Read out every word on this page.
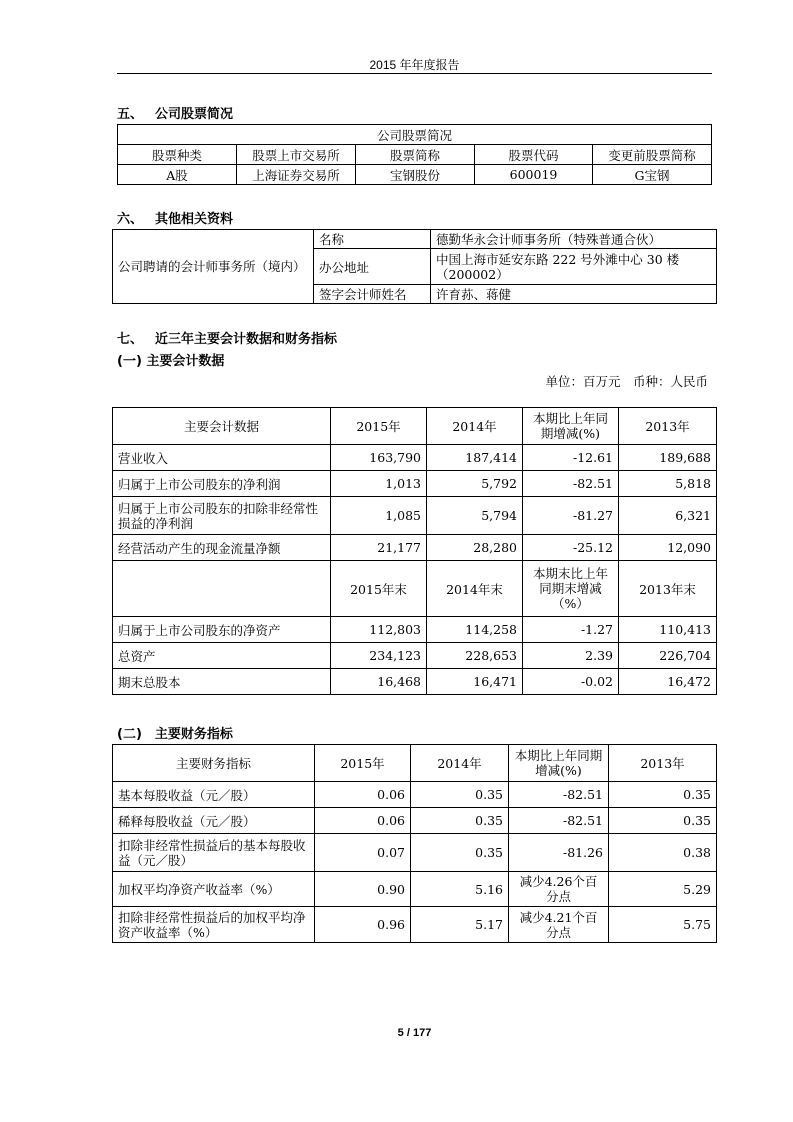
2015 年年度报告
五、 公司股票简况
公司股票简况				
股票种类	股票上市交易所	股票简称	股票代码	变更前股票简称
A股	上海证券交易所	宝钢股份	600019	G宝钢
六、 其他相关资料
公司聘请的会计师事务所（境内）	名称	德勤华永会计师事务所（特殊普通合伙）
	办公地址	中国上海市延安东路 222 号外滩中心 30 楼（200002）
	签字会计师姓名	许育荪、蒋健
七、 近三年主要会计数据和财务指标
(一) 主要会计数据
单位：百万元　币种：人民币
主要会计数据	2015年	2014年	本期比上年同期增减(%)	2013年
营业收入	163,790	187,414	-12.61	189,688
归属于上市公司股东的净利润	1,013	5,792	-82.51	5,818
归属于上市公司股东的扣除非经常性损益的净利润	1,085	5,794	-81.27	6,321
经营活动产生的现金流量净额	21,177	28,280	-25.12	12,090
	2015年末	2014年末	本期末比上年同期末增减（%）	2013年末
归属于上市公司股东的净资产	112,803	114,258	-1.27	110,413
总资产	234,123	228,653	2.39	226,704
期末总股本	16,468	16,471	-0.02	16,472
(二)　主要财务指标
主要财务指标	2015年	2014年	本期比上年同期增减(%)	2013年
基本每股收益（元／股）	0.06	0.35	-82.51	0.35
稀释每股收益（元／股）	0.06	0.35	-82.51	0.35
扣除非经常性损益后的基本每股收益（元／股）	0.07	0.35	-81.26	0.38
加权平均净资产收益率（%）	0.90	5.16	减少4.26个百分点	5.29
扣除非经常性损益后的加权平均净资产收益率（%）	0.96	5.17	减少4.21个百分点	5.75
5 / 177
